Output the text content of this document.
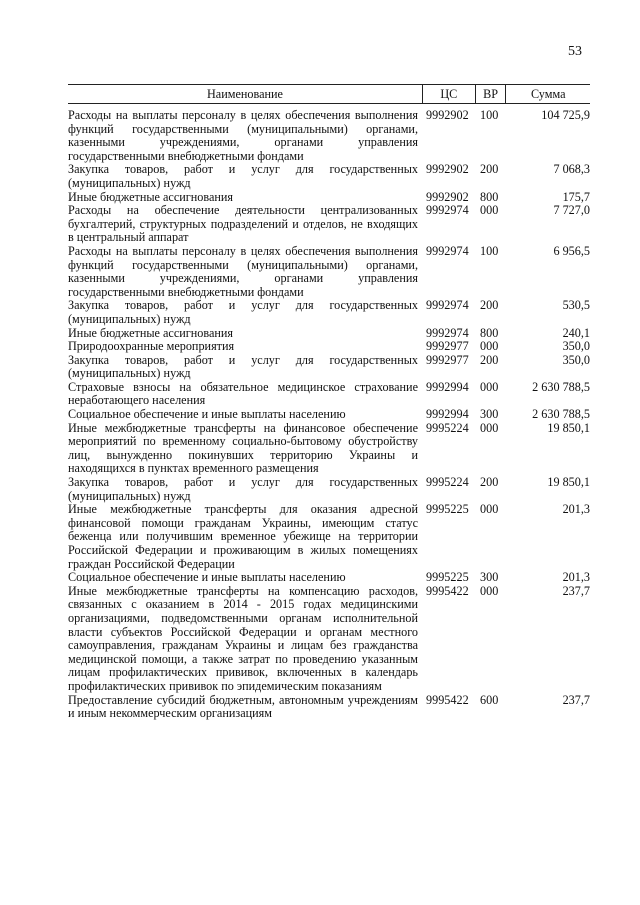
53
Наименование	ЦС	ВР	Сумма
Расходы на выплаты персоналу в целях обеспечения выполнения функций государственными (муниципальными) органами, казенными учреждениями, органами управления государственными внебюджетными фондами
9992902 100	104 725,9
Закупка товаров, работ и услуг для государственных (муниципальных) нужд
9992902 200	7 068,3
Иные бюджетные ассигнования	9992902 800	175,7
Расходы на обеспечение деятельности централизованных бухгалтерий, структурных подразделений и отделов, не входящих в центральный аппарат
9992974 000	7 727,0
Расходы на выплаты персоналу в целях обеспечения выполнения функций государственными (муниципальными) органами, казенными учреждениями, органами управления государственными внебюджетными фондами
9992974 100	6 956,5
Закупка товаров, работ и услуг для государственных (муниципальных) нужд
9992974 200	530,5
Иные бюджетные ассигнования	9992974 800	240,1
Природоохранные мероприятия	9992977 000	350,0
Закупка товаров, работ и услуг для государственных (муниципальных) нужд
9992977 200	350,0
Страховые взносы на обязательное медицинское страхование неработающего населения
9992994 000	2 630 788,5
Социальное обеспечение и иные выплаты населению	9992994 300	2 630 788,5
Иные межбюджетные трансферты на финансовое обеспечение мероприятий по временному социально-бытовому обустройству лиц, вынужденно покинувших территорию Украины и находящихся в пунктах временного размещения
9995224 000	19 850,1
Закупка товаров, работ и услуг для государственных (муниципальных) нужд
9995224 200	19 850,1
Иные межбюджетные трансферты для оказания адресной финансовой помощи гражданам Украины, имеющим статус беженца или получившим временное убежище на территории Российской Федерации и проживающим в жилых помещениях граждан Российской Федерации
9995225 000	201,3
Социальное обеспечение и иные выплаты населению	9995225 300	201,3
Иные межбюджетные трансферты на компенсацию расходов, связанных с оказанием в 2014 - 2015 годах медицинскими организациями, подведомственными органам исполнительной власти субъектов Российской Федерации и органам местного самоуправления, гражданам Украины и лицам без гражданства медицинской помощи, а также затрат по проведению указанным лицам профилактических прививок, включенных в календарь профилактических прививок по эпидемическим показаниям
9995422 000	237,7
Предоставление субсидий бюджетным, автономным учреждениям и иным некоммерческим организациям
9995422 600	237,7
